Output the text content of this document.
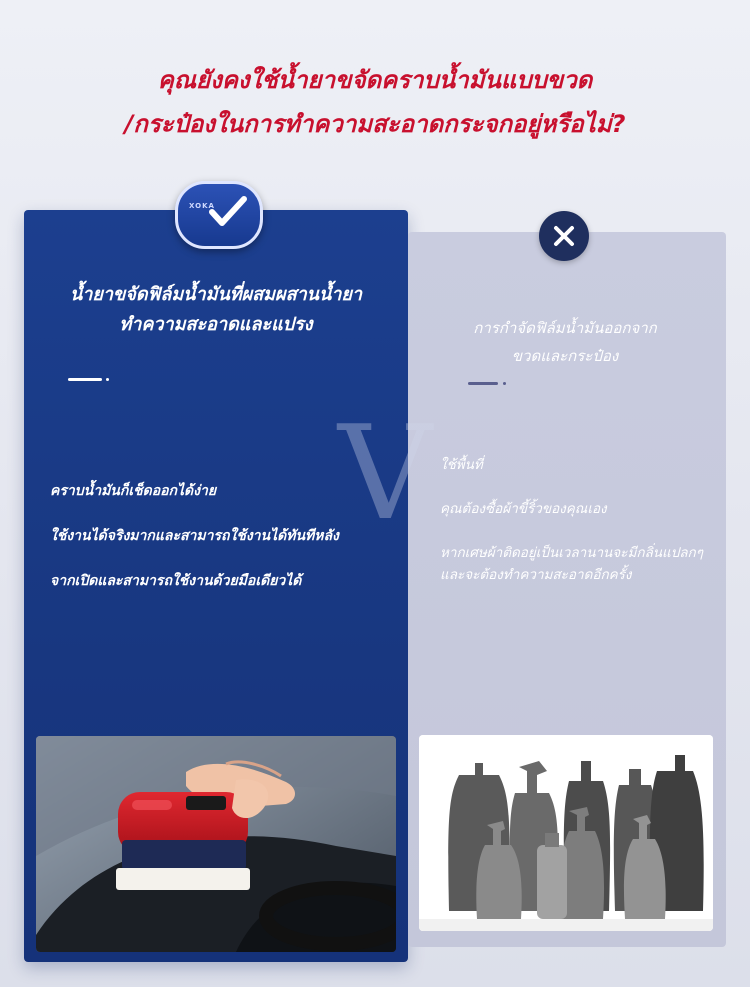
คุณยังคงใช้น้ำยาขจัดคราบน้ำมันแบบขวด
/กระป๋องในการทำความสะอาดกระจกอยู่หรือไม่?
น้ำยาขจัดฟิล์มน้ำมันที่ผสมผสานน้ำยา
ทำความสะอาดและแปรง
คราบน้ำมันก็เช็ดออกได้ง่าย
ใช้งานได้จริงมากและสามารถใช้งานได้ทันทีหลัง
จากเปิดและสามารถใช้งานด้วยมือเดียวได้
XOKA
การกำจัดฟิล์มน้ำมันออกจาก
ขวดและกระป๋อง
ใช้พื้นที่
คุณต้องซื้อผ้าขี้ริ้วของคุณเอง
หากเศษผ้าติดอยู่เป็นเวลานานจะมีกลิ่นแปลกๆ และจะต้องทำความสะอาดอีกครั้ง
V
